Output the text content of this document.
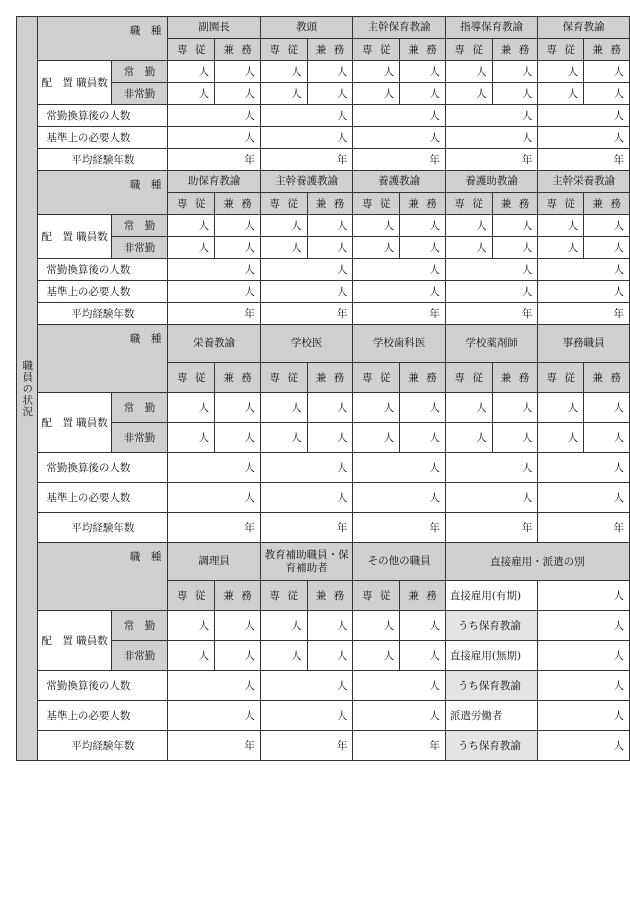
職員の状況	職　種		副園長		教頭		主幹保育教諭		指導保育教諭		保育教諭	
			専 従	兼 務	専 従	兼 務	専 従	兼 務	専 従	兼 務	専 従	兼 務
	配　置 職員数	常　勤	人	人	人	人	人	人	人	人	人	人
		非常勤	人	人	人	人	人	人	人	人	人	人
	常勤換算後の人数		人		人		人		人		人	
	基準上の必要人数		人		人		人		人		人	
	平均経験年数		年		年		年		年		年	
	職　種		助保育教諭		主幹養護教諭		養護教諭		養護助教諭		主幹栄養教諭	
			専 従	兼 務	専 従	兼 務	専 従	兼 務	専 従	兼 務	専 従	兼 務
	配　置 職員数	常　勤	人	人	人	人	人	人	人	人	人	人
		非常勤	人	人	人	人	人	人	人	人	人	人
	常勤換算後の人数		人		人		人		人		人	
	基準上の必要人数		人		人		人		人		人	
	平均経験年数		年		年		年		年		年	
	職　種		栄養教諭		学校医		学校歯科医		学校薬剤師		事務職員	
			専 従	兼 務	専 従	兼 務	専 従	兼 務	専 従	兼 務	専 従	兼 務
	配　置 職員数	常　勤	人	人	人	人	人	人	人	人	人	人
		非常勤	人	人	人	人	人	人	人	人	人	人
	常勤換算後の人数		人		人		人		人		人	
	基準上の必要人数		人		人		人		人		人	
	平均経験年数		年		年		年		年		年	
	職　種		調理員		教育補助職員・保育補助者		その他の職員		直接雇用・派遣の別			
			専 従	兼 務	専 従	兼 務	専 従	兼 務	直接雇用(有期)		人	
	配　置 職員数	常　勤	人	人	人	人	人	人	うち保育教諭		人	
		非常勤	人	人	人	人	人	人	直接雇用(無期)		人	
	常勤換算後の人数		人		人		人		うち保育教諭		人	
	基準上の必要人数		人		人		人		派遣労働者		人	
	平均経験年数		年		年		年		うち保育教諭		人	
